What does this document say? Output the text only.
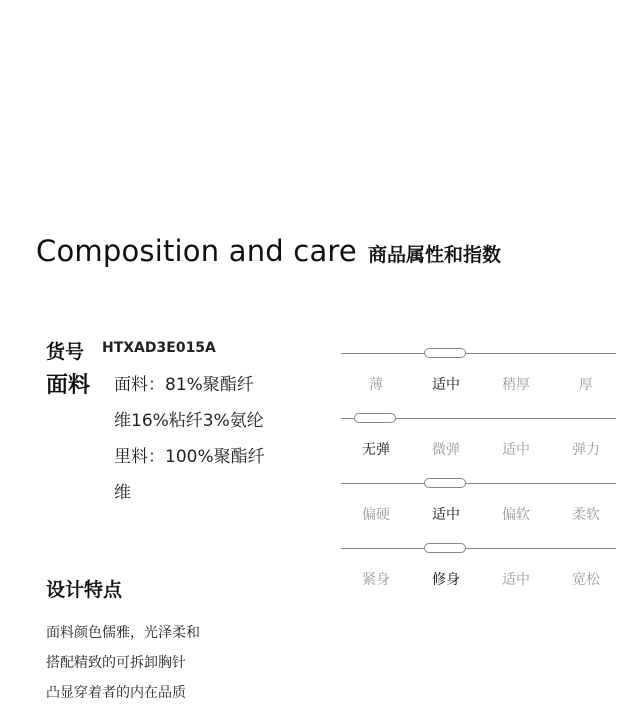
Composition and care 商品属性和指数
货号 HTXAD3E015A
面料 面料：81%聚酯纤
维16%粘纤3%氨纶
里料：100%聚酯纤
维
设计特点
面料颜色儒雅，光泽柔和
搭配精致的可拆卸胸针
凸显穿着者的内在品质
薄	适中	稍厚	厚
无弹	微弹	适中	弹力
偏硬	适中	偏软	柔软
紧身	修身	适中	宽松
